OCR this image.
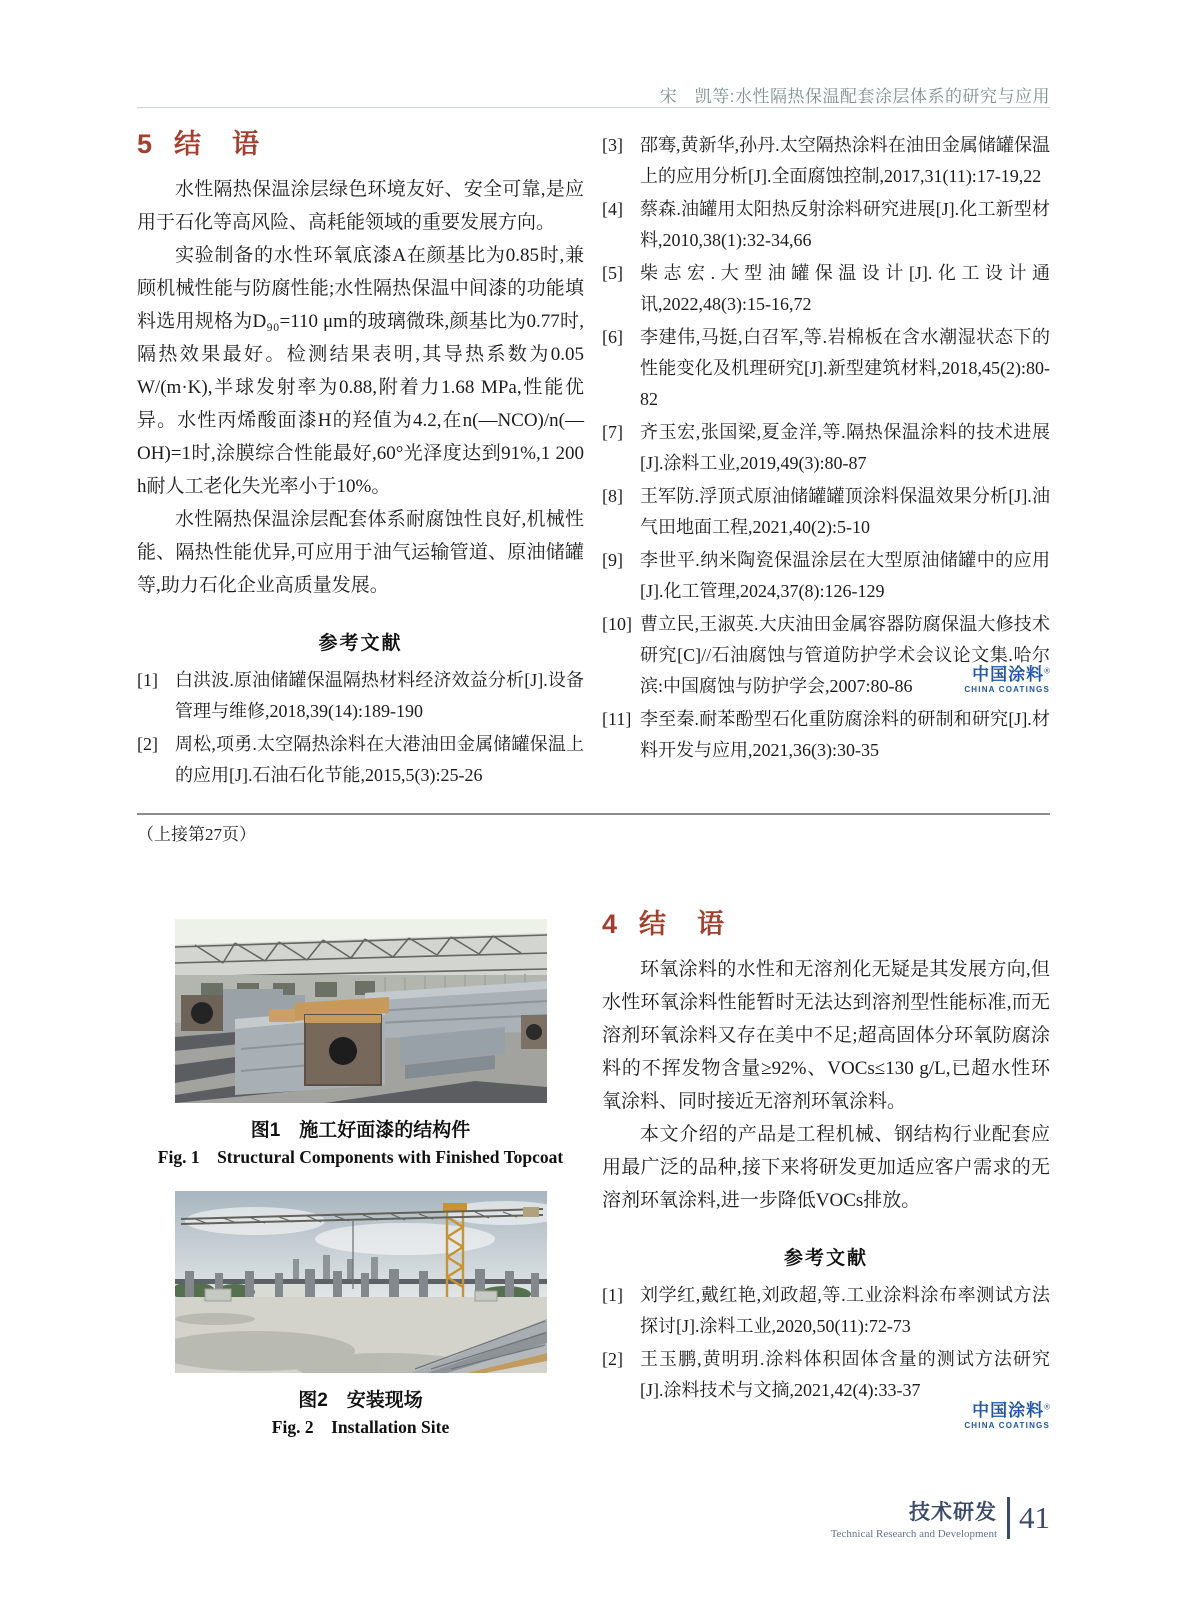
宋　凯等:水性隔热保温配套涂层体系的研究与应用
5 结　语

水性隔热保温涂层绿色环境友好、安全可靠,是应用于石化等高风险、高耗能领域的重要发展方向。

实验制备的水性环氧底漆A在颜基比为0.85时,兼顾机械性能与防腐性能;水性隔热保温中间漆的功能填料选用规格为D₉₀=110 μm的玻璃微珠,颜基比为0.77时,隔热效果最好。检测结果表明,其导热系数为0.05 W/(m·K),半球发射率为0.88,附着力1.68 MPa,性能优异。水性丙烯酸面漆H的羟值为4.2,在n(—NCO)/n(—OH)=1时,涂膜综合性能最好,60°光泽度达到91%,1 200 h耐人工老化失光率小于10%。

水性隔热保温涂层配套体系耐腐蚀性良好,机械性能、隔热性能优异,可应用于油气运输管道、原油储罐等,助力石化企业高质量发展。

参考文献
[1] 白洪波.原油储罐保温隔热材料经济效益分析[J].设备管理与维修,2018,39(14):189-190
[2] 周松,项勇.太空隔热涂料在大港油田金属储罐保温上的应用[J].石油石化节能,2015,5(3):25-26
[3] 邵骞,黄新华,孙丹.太空隔热涂料在油田金属储罐保温上的应用分析[J].全面腐蚀控制,2017,31(11):17-19,22
[4] 蔡森.油罐用太阳热反射涂料研究进展[J].化工新型材料,2010,38(1):32-34,66
[5] 柴志宏.大型油罐保温设计[J].化工设计通讯,2022,48(3):15-16,72
[6] 李建伟,马挺,白召军,等.岩棉板在含水潮湿状态下的性能变化及机理研究[J].新型建筑材料,2018,45(2):80-82
[7] 齐玉宏,张国梁,夏金洋,等.隔热保温涂料的技术进展[J].涂料工业,2019,49(3):80-87
[8] 王军防.浮顶式原油储罐罐顶涂料保温效果分析[J].油气田地面工程,2021,40(2):5-10
[9] 李世平.纳米陶瓷保温涂层在大型原油储罐中的应用[J].化工管理,2024,37(8):126-129
[10] 曹立民,王淑英.大庆油田金属容器防腐保温大修技术研究[C]//石油腐蚀与管道防护学术会议论文集.哈尔滨:中国腐蚀与防护学会,2007:80-86
[11] 李至秦.耐苯酚型石化重防腐涂料的研制和研究[J].材料开发与应用,2021,36(3):30-35
中国涂料®
CHINA COATINGS
（上接第27页）
图1　施工好面漆的结构件
Fig. 1　Structural Components with Finished Topcoat
图2　安装现场
Fig. 2　Installation Site
4 结　语

环氧涂料的水性和无溶剂化无疑是其发展方向,但水性环氧涂料性能暂时无法达到溶剂型性能标准,而无溶剂环氧涂料又存在美中不足;超高固体分环氧防腐涂料的不挥发物含量≥92%、VOCs≤130 g/L,已超水性环氧涂料、同时接近无溶剂环氧涂料。

本文介绍的产品是工程机械、钢结构行业配套应用最广泛的品种,接下来将研发更加适应客户需求的无溶剂环氧涂料,进一步降低VOCs排放。

参考文献
[1] 刘学红,戴红艳,刘政超,等.工业涂料涂布率测试方法探讨[J].涂料工业,2020,50(11):72-73
[2] 王玉鹏,黄明玥.涂料体积固体含量的测试方法研究[J].涂料技术与文摘,2021,42(4):33-37
中国涂料®
CHINA COATINGS
技术研发
Technical Research and Development 41
